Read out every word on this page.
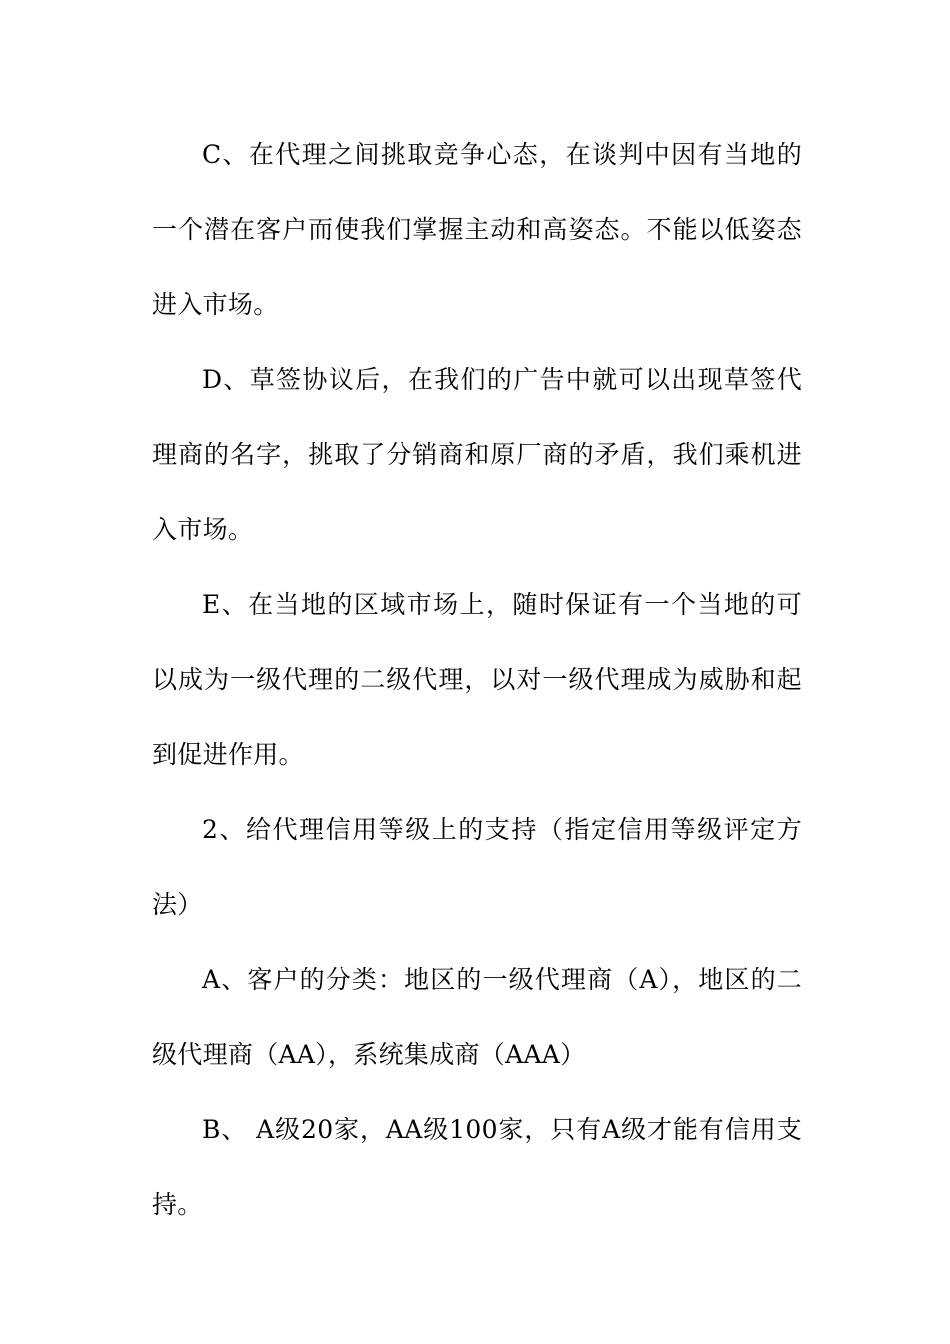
C、在代理之间挑取竞争心态，在谈判中因有当地的一个潜在客户而使我们掌握主动和高姿态。不能以低姿态进入市场。

D、草签协议后，在我们的广告中就可以出现草签代理商的名字，挑取了分销商和原厂商的矛盾，我们乘机进入市场。

E、在当地的区域市场上，随时保证有一个当地的可以成为一级代理的二级代理，以对一级代理成为威胁和起到促进作用。

2、给代理信用等级上的支持（指定信用等级评定方法）

A、客户的分类：地区的一级代理商（A），地区的二级代理商（AA），系统集成商（AAA）

B、 A级20家，AA级100家，只有A级才能有信用支持。
